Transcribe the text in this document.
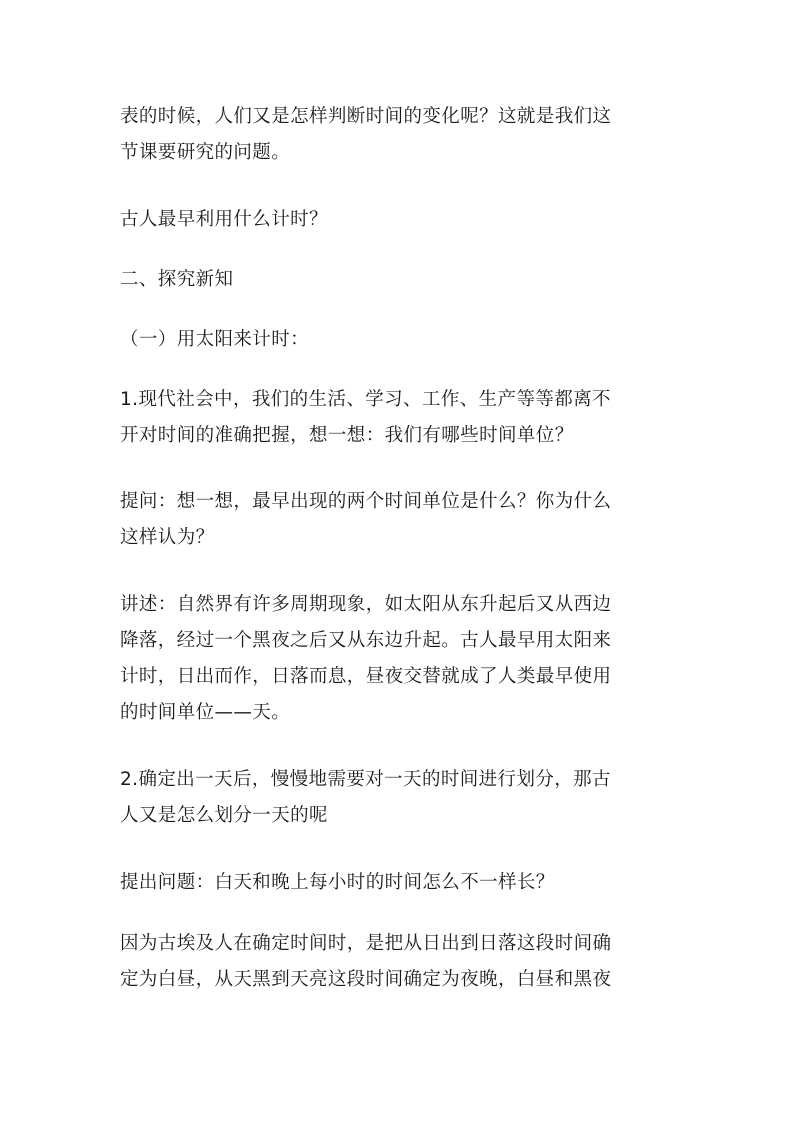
表的时候，人们又是怎样判断时间的变化呢？这就是我们这
节课要研究的问题。
古人最早利用什么计时？
二、探究新知
（一）用太阳来计时：
1.现代社会中，我们的生活、学习、工作、生产等等都离不
开对时间的准确把握，想一想：我们有哪些时间单位？
提问：想一想，最早出现的两个时间单位是什么？你为什么
这样认为？
讲述：自然界有许多周期现象，如太阳从东升起后又从西边
降落，经过一个黑夜之后又从东边升起。古人最早用太阳来
计时，日出而作，日落而息，昼夜交替就成了人类最早使用
的时间单位——天。
2.确定出一天后，慢慢地需要对一天的时间进行划分，那古
人又是怎么划分一天的呢
提出问题：白天和晚上每小时的时间怎么不一样长？
因为古埃及人在确定时间时，是把从日出到日落这段时间确
定为白昼，从天黑到天亮这段时间确定为夜晚，白昼和黑夜
